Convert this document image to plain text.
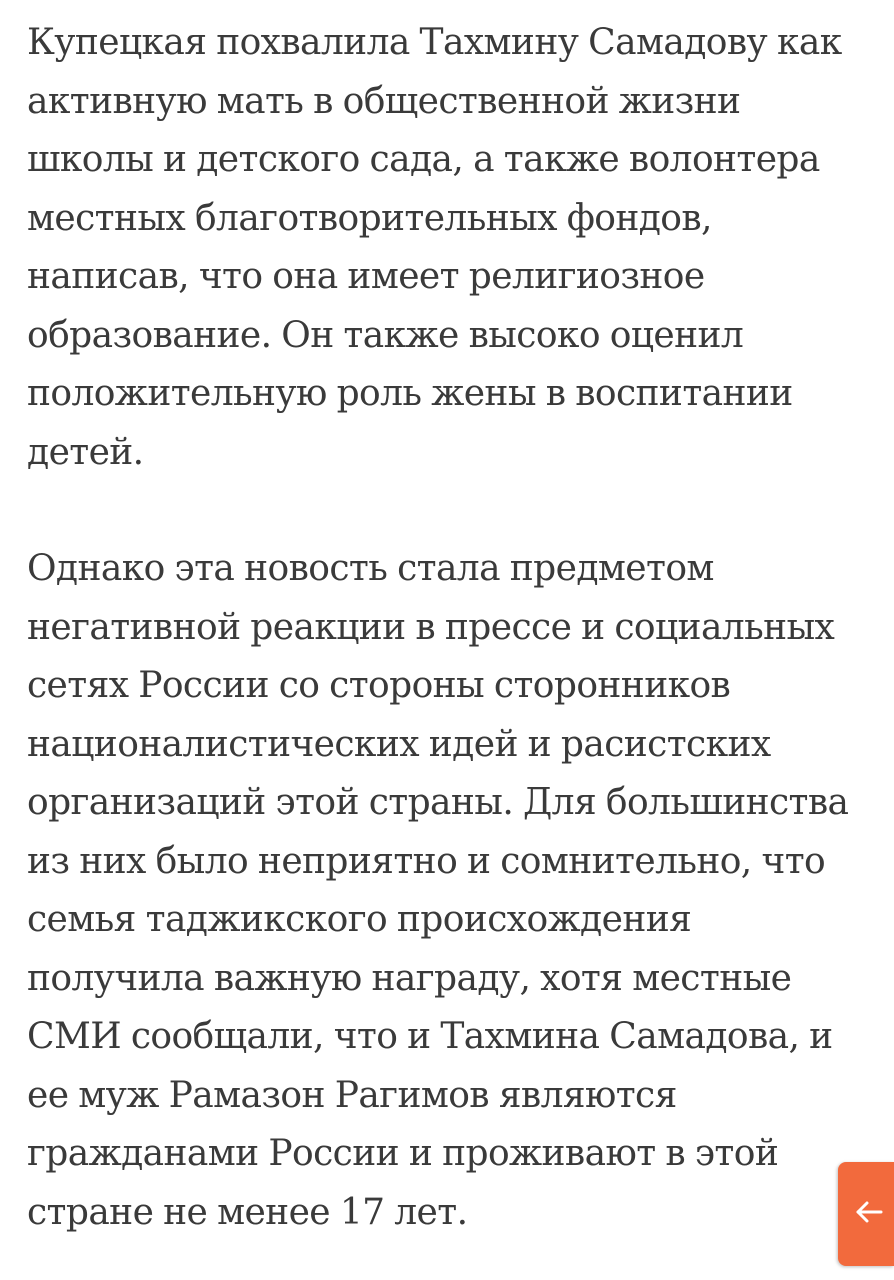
Купецкая похвалила Тахмину Самадову как
активную мать в общественной жизни
школы и детского сада, а также волонтера
местных благотворительных фондов,
написав, что она имеет религиозное
образование. Он также высоко оценил
положительную роль жены в воспитании
детей.

Однако эта новость стала предметом
негативной реакции в прессе и социальных
сетях России со стороны сторонников
националистических идей и расистских
организаций этой страны. Для большинства
из них было неприятно и сомнительно, что
семья таджикского происхождения
получила важную награду, хотя местные
СМИ сообщали, что и Тахмина Самадова, и
ее муж Рамазон Рагимов являются
гражданами России и проживают в этой
стране не менее 17 лет.
